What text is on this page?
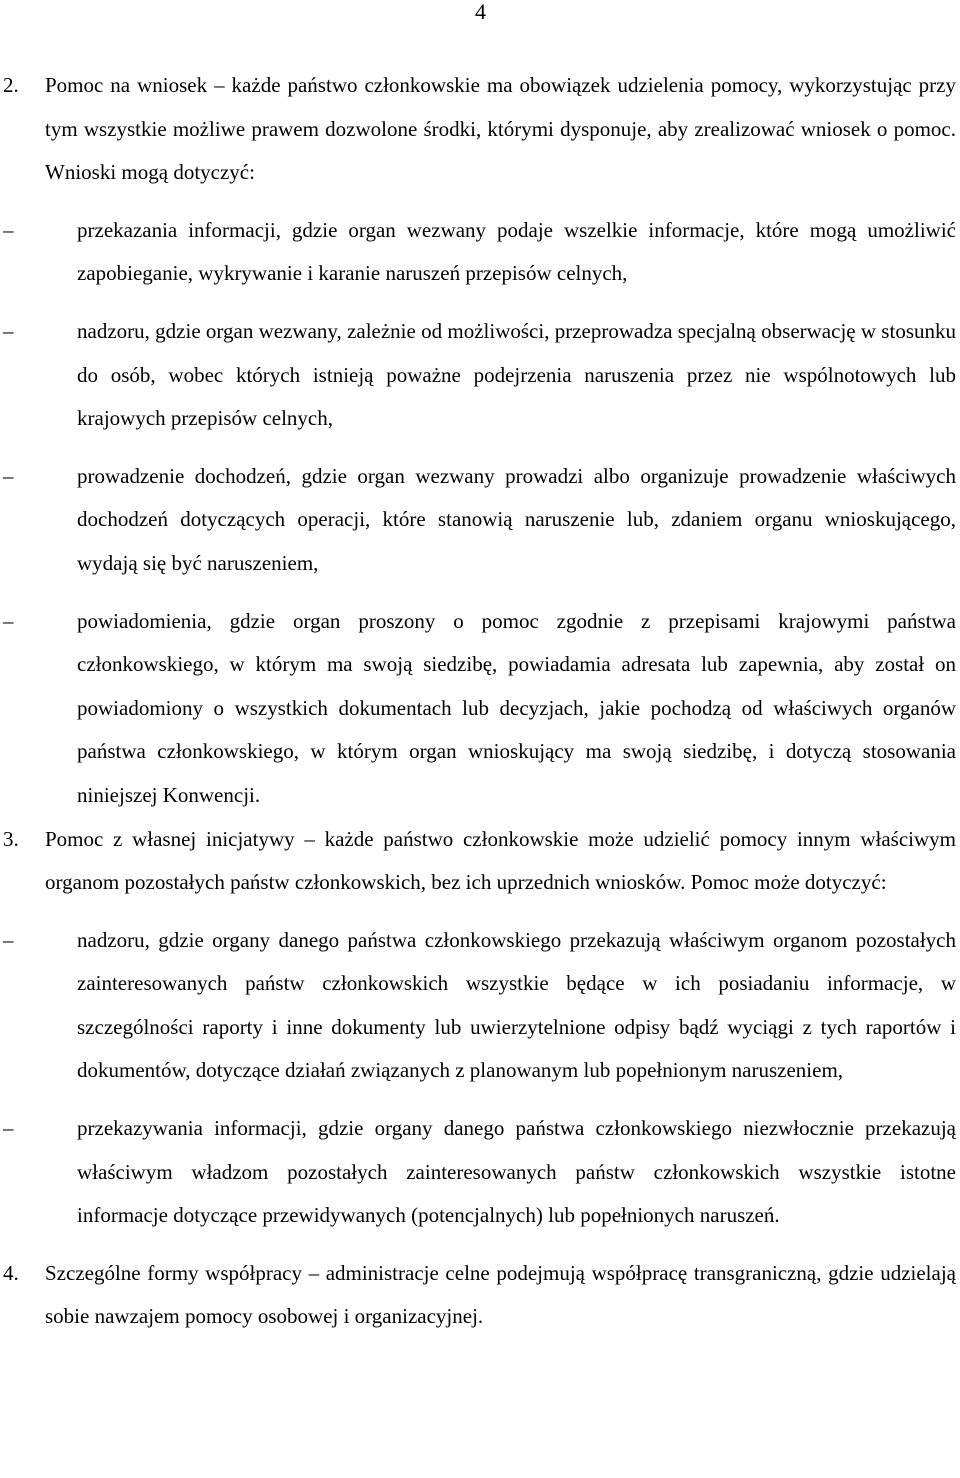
4
2. Pomoc na wniosek – każde państwo członkowskie ma obowiązek udzielenia pomocy, wykorzystując przy tym wszystkie możliwe prawem dozwolone środki, którymi dysponuje, aby zrealizować wniosek o pomoc. Wnioski mogą dotyczyć:
–	przekazania informacji, gdzie organ wezwany podaje wszelkie informacje, które mogą umożliwić zapobieganie, wykrywanie i karanie naruszeń przepisów celnych,
–	nadzoru, gdzie organ wezwany, zależnie od możliwości, przeprowadza specjalną obserwację w stosunku do osób, wobec których istnieją poważne podejrzenia naruszenia przez nie wspólnotowych lub krajowych przepisów celnych,
–	prowadzenie dochodzeń, gdzie organ wezwany prowadzi albo organizuje prowadzenie właściwych dochodzeń dotyczących operacji, które stanowią naruszenie lub, zdaniem organu wnioskującego, wydają się być naruszeniem,
–	powiadomienia, gdzie organ proszony o pomoc zgodnie z przepisami krajowymi państwa członkowskiego, w którym ma swoją siedzibę, powiadamia adresata lub zapewnia, aby został on powiadomiony o wszystkich dokumentach lub decyzjach, jakie pochodzą od właściwych organów państwa członkowskiego, w którym organ wnioskujący ma swoją siedzibę, i dotyczą stosowania niniejszej Konwencji.
3. Pomoc z własnej inicjatywy – każde państwo członkowskie może udzielić pomocy innym właściwym organom pozostałych państw członkowskich, bez ich uprzednich wniosków. Pomoc może dotyczyć:
–	nadzoru, gdzie organy danego państwa członkowskiego przekazują właściwym organom pozostałych zainteresowanych państw członkowskich wszystkie będące w ich posiadaniu informacje, w szczególności raporty i inne dokumenty lub uwierzytelnione odpisy bądź wyciągi z tych raportów i dokumentów, dotyczące działań związanych z planowanym lub popełnionym naruszeniem,
–	przekazywania informacji, gdzie organy danego państwa członkowskiego niezwłocznie przekazują właściwym władzom pozostałych zainteresowanych państw członkowskich wszystkie istotne informacje dotyczące przewidywanych (potencjalnych) lub popełnionych naruszeń.
4. Szczególne formy współpracy – administracje celne podejmują współpracę transgraniczną, gdzie udzielają sobie nawzajem pomocy osobowej i organizacyjnej.
